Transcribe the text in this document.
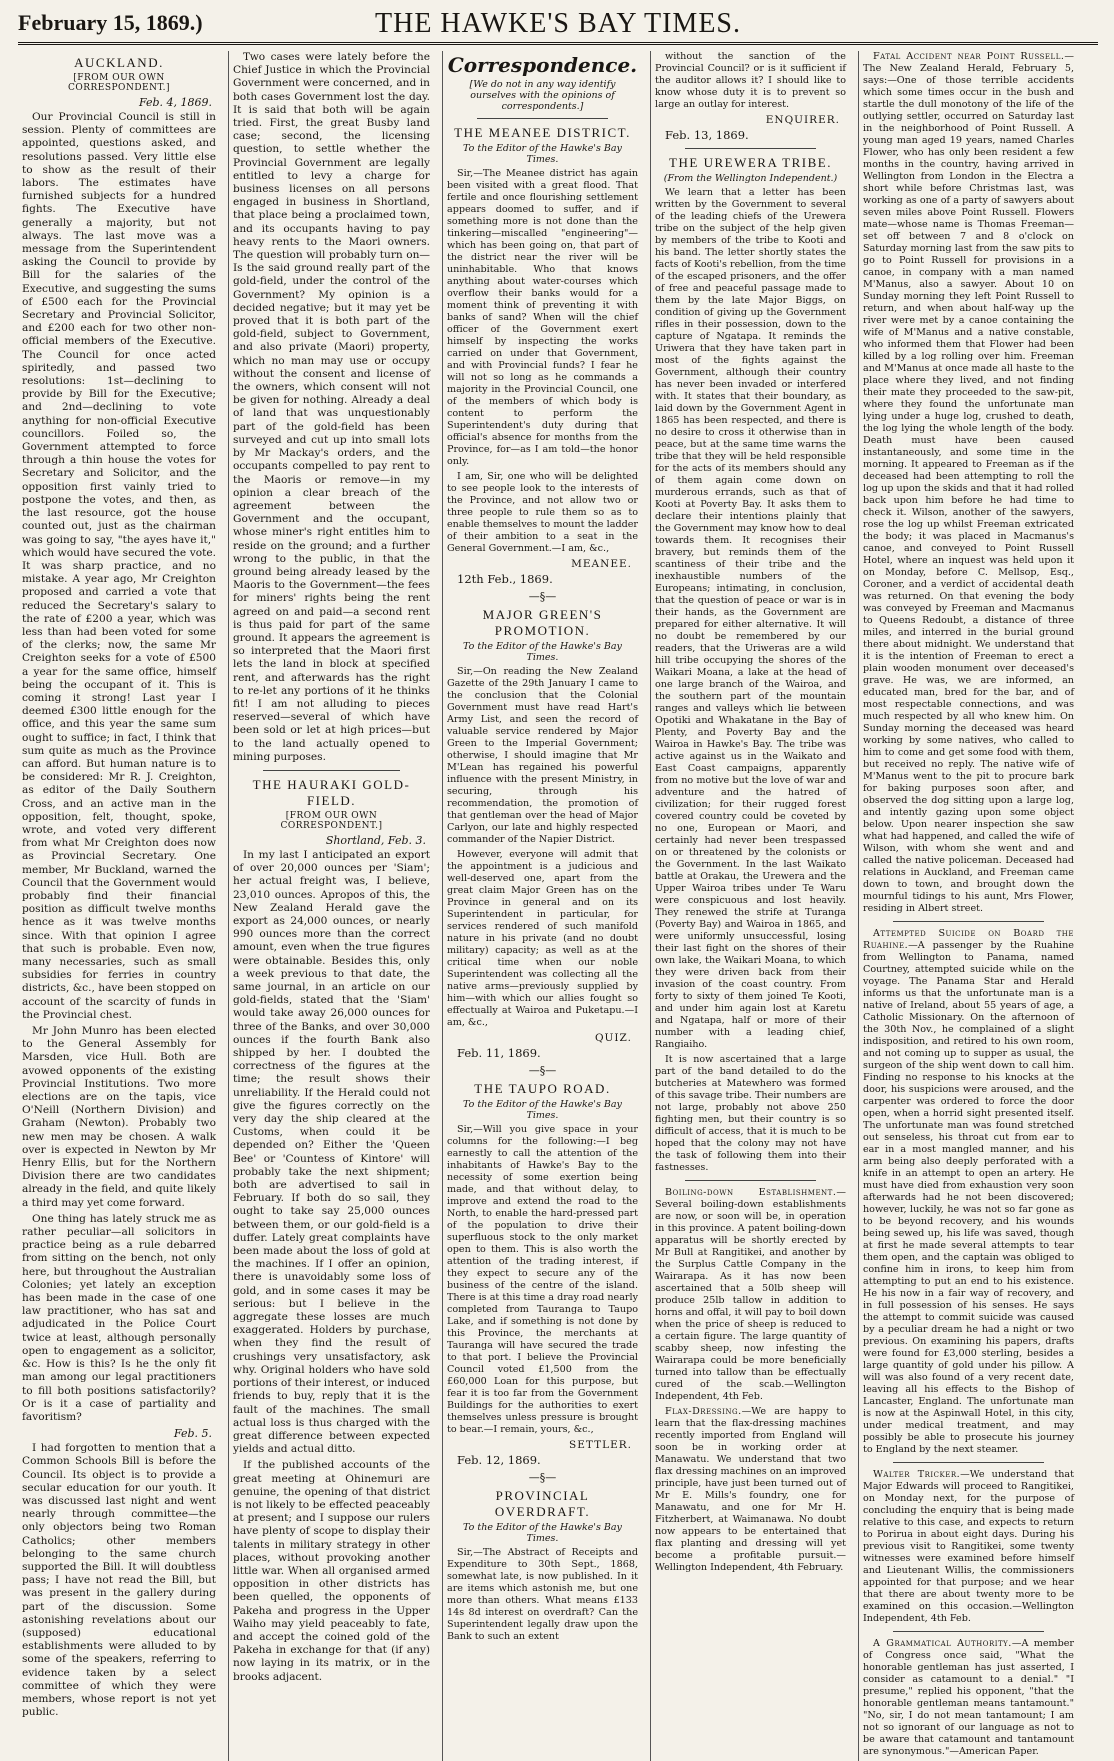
February 15, 1869.)	THE HAWKE'S BAY TIMES.
AUCKLAND.
[FROM OUR OWN CORRESPONDENT.]
Feb. 4, 1869.

Our Provincial Council is still in session. Plenty of committees are appointed, questions asked, and resolutions passed. Very little else to show as the result of their labors. The estimates have furnished subjects for a hundred fights. The Executive have generally a majority, but not always. The last move was a message from the Superintendent asking the Council to provide by Bill for the salaries of the Executive, and suggesting the sums of £500 each for the Provincial Secretary and Provincial Solicitor, and £200 each for two other non-official members of the Executive. The Council for once acted spiritedly, and passed two resolutions: 1st—declining to provide by Bill for the Executive; and 2nd—declining to vote anything for non-official Executive councillors. Foiled so, the Government attempted to force through a thin house the votes for Secretary and Solicitor, and the opposition first vainly tried to postpone the votes, and then, as the last resource, got the house counted out, just as the chairman was going to say, "the ayes have it," which would have secured the vote. It was sharp practice, and no mistake. A year ago, Mr Creighton proposed and carried a vote that reduced the Secretary's salary to the rate of £200 a year, which was less than had been voted for some of the clerks; now, the same Mr Creighton seeks for a vote of £500 a year for the same office, himself being the occupant of it. This is coming it strong! Last year I deemed £300 little enough for the office, and this year the same sum ought to suffice; in fact, I think that sum quite as much as the Province can afford. But human nature is to be considered: Mr R. J. Creighton, as editor of the Daily Southern Cross, and an active man in the opposition, felt, thought, spoke, wrote, and voted very different from what Mr Creighton does now as Provincial Secretary. One member, Mr Buckland, warned the Council that the Government would probably find their financial position as difficult twelve months hence as it was twelve months since. With that opinion I agree that such is probable. Even now, many necessaries, such as small subsidies for ferries in country districts, &c., have been stopped on account of the scarcity of funds in the Provincial chest.

Mr John Munro has been elected to the General Assembly for Marsden, vice Hull. Both are avowed opponents of the existing Provincial Institutions. Two more elections are on the tapis, vice O'Neill (Northern Division) and Graham (Newton). Probably two new men may be chosen. A walk over is expected in Newton by Mr Henry Ellis, but for the Northern Division there are two candidates already in the field, and quite likely a third may yet come forward.

One thing has lately struck me as rather peculiar—all solicitors in practice being as a rule debarred from sitting on the bench, not only here, but throughout the Australian Colonies; yet lately an exception has been made in the case of one law practitioner, who has sat and adjudicated in the Police Court twice at least, although personally open to engagement as a solicitor, &c. How is this? Is he the only fit man among our legal practitioners to fill both positions satisfactorily? Or is it a case of partiality and favoritism?

Feb. 5.

I had forgotten to mention that a Common Schools Bill is before the Council. Its object is to provide a secular education for our youth. It was discussed last night and went nearly through committee—the only objectors being two Roman Catholics; other members belonging to the same church supported the Bill. It will doubtless pass; I have not read the Bill, but was present in the gallery during part of the discussion. Some astonishing revelations about our (supposed) educational establishments were alluded to by some of the speakers, referring to evidence taken by a select committee of which they were members, whose report is not yet public.

Two cases were lately before the Chief Justice in which the Provincial Government were concerned, and in both cases Government lost the day. It is said that both will be again tried. First, the great Busby land case; second, the licensing question, to settle whether the Provincial Government are legally entitled to levy a charge for business licenses on all persons engaged in business in Shortland, that place being a proclaimed town, and its occupants having to pay heavy rents to the Maori owners. The question will probably turn on—Is the said ground really part of the gold-field, under the control of the Government? My opinion is a decided negative; but it may yet be proved that it is both part of the gold-field, subject to Government, and also private (Maori) property, which no man may use or occupy without the consent and license of the owners, which consent will not be given for nothing. Already a deal of land that was unquestionably part of the gold-field has been surveyed and cut up into small lots by Mr Mackay's orders, and the occupants compelled to pay rent to the Maoris or remove—in my opinion a clear breach of the agreement between the Government and the occupant, whose miner's right entitles him to reside on the ground; and a further wrong to the public, in that the ground being already leased by the Maoris to the Government—the fees for miners' rights being the rent agreed on and paid—a second rent is thus paid for part of the same ground. It appears the agreement is so interpreted that the Maori first lets the land in block at specified rent, and afterwards has the right to re-let any portions of it he thinks fit! I am not alluding to pieces reserved—several of which have been sold or let at high prices—but to the land actually opened to mining purposes.

THE HAURAKI GOLD-FIELD.
[FROM OUR OWN CORRESPONDENT.]
Shortland, Feb. 3.

In my last I anticipated an export of over 20,000 ounces per 'Siam'; her actual freight was, I believe, 23,010 ounces. Apropos of this, the New Zealand Herald gave the export as 24,000 ounces, or nearly 990 ounces more than the correct amount, even when the true figures were obtainable. Besides this, only a week previous to that date, the same journal, in an article on our gold-fields, stated that the 'Siam' would take away 26,000 ounces for three of the Banks, and over 30,000 ounces if the fourth Bank also shipped by her. I doubted the correctness of the figures at the time; the result shows their unreliability. If the Herald could not give the figures correctly on the very day the ship cleared at the Customs, when could it be depended on? Either the 'Queen Bee' or 'Countess of Kintore' will probably take the next shipment; both are advertised to sail in February. If both do so sail, they ought to take say 25,000 ounces between them, or our gold-field is a duffer. Lately great complaints have been made about the loss of gold at the machines. If I offer an opinion, there is unavoidably some loss of gold, and in some cases it may be serious: but I believe in the aggregate these losses are much exaggerated. Holders by purchase, when they find the result of crushings very unsatisfactory, ask why. Original holders who have sold portions of their interest, or induced friends to buy, reply that it is the fault of the machines. The small actual loss is thus charged with the great difference between expected yields and actual ditto.

If the published accounts of the great meeting at Ohinemuri are genuine, the opening of that district is not likely to be effected peaceably at present; and I suppose our rulers have plenty of scope to display their talents in military strategy in other places, without provoking another little war. When all organised armed opposition in other districts has been quelled, the opponents of Pakeha and progress in the Upper Waiho may yield peaceably to fate, and accept the coined gold of the Pakeha in exchange for that (if any) now laying in its matrix, or in the brooks adjacent.

Correspondence.
[We do not in any way identify ourselves with the opinions of correspondents.]
THE MEANEE DISTRICT.
To the Editor of the Hawke's Bay Times.

Sir,—The Meanee district has again been visited with a great flood. That fertile and once flourishing settlement appears doomed to suffer, and if something more is not done than the tinkering—miscalled "engineering"—which has been going on, that part of the district near the river will be uninhabitable. Who that knows anything about water-courses which overflow their banks would for a moment think of preventing it with banks of sand? When will the chief officer of the Government exert himself by inspecting the works carried on under that Government, and with Provincial funds? I fear he will not so long as he commands a majority in the Provincial Council, one of the members of which body is content to perform the Superintendent's duty during that official's absence for months from the Province, for—as I am told—the honor only.

I am, Sir, one who will be delighted to see people look to the interests of the Province, and not allow two or three people to rule them so as to enable themselves to mount the ladder of their ambition to a seat in the General Government.—I am, &c.,

MEANEE.
12th Feb., 1869.
—§—
MAJOR GREEN'S PROMOTION.
To the Editor of the Hawke's Bay Times.

Sir,—On reading the New Zealand Gazette of the 29th January I came to the conclusion that the Colonial Government must have read Hart's Army List, and seen the record of valuable service rendered by Major Green to the Imperial Government; otherwise, I should imagine that Mr M'Lean has regained his powerful influence with the present Ministry, in securing, through his recommendation, the promotion of that gentleman over the head of Major Carlyon, our late and highly respected commander of the Napier District.

However, everyone will admit that the appointment is a judicious and well-deserved one, apart from the great claim Major Green has on the Province in general and on its Superintendent in particular, for services rendered of such manifold nature in his private (and no doubt military) capacity; as well as at the critical time when our noble Superintendent was collecting all the native arms—previously supplied by him—with which our allies fought so effectually at Wairoa and Puketapu.—I am, &c.,

QUIZ.
Feb. 11, 1869.
—§—
THE TAUPO ROAD.
To the Editor of the Hawke's Bay Times.

Sir,—Will you give space in your columns for the following:—I beg earnestly to call the attention of the inhabitants of Hawke's Bay to the necessity of some exertion being made, and that without delay, to improve and extend the road to the North, to enable the hard-pressed part of the population to drive their superfluous stock to the only market open to them. This is also worth the attention of the trading interest, if they expect to secure any of the business of the centre of the island. There is at this time a dray road nearly completed from Tauranga to Taupo Lake, and if something is not done by this Province, the merchants at Tauranga will have secured the trade to that port. I believe the Provincial Council voted £1,500 from the £60,000 Loan for this purpose, but fear it is too far from the Government Buildings for the authorities to exert themselves unless pressure is brought to bear.—I remain, yours, &c.,

SETTLER.
Feb. 12, 1869.
—§—
PROVINCIAL OVERDRAFT.
To the Editor of the Hawke's Bay Times.

Sir,—The Abstract of Receipts and Expenditure to 30th Sept., 1868, somewhat late, is now published. In it are items which astonish me, but one more than others. What means £133 14s 8d interest on overdraft? Can the Superintendent legally draw upon the Bank to such an extent

without the sanction of the Provincial Council? or is it sufficient if the auditor allows it? I should like to know whose duty it is to prevent so large an outlay for interest.

ENQUIRER.
Feb. 13, 1869.
THE UREWERA TRIBE.
(From the Wellington Independent.)

We learn that a letter has been written by the Government to several of the leading chiefs of the Urewera tribe on the subject of the help given by members of the tribe to Kooti and his band. The letter shortly states the facts of Kooti's rebellion, from the time of the escaped prisoners, and the offer of free and peaceful passage made to them by the late Major Biggs, on condition of giving up the Government rifles in their possession, down to the capture of Ngatapa. It reminds the Uriwera that they have taken part in most of the fights against the Government, although their country has never been invaded or interfered with. It states that their boundary, as laid down by the Government Agent in 1865 has been respected, and there is no desire to cross it otherwise than in peace, but at the same time warns the tribe that they will be held responsible for the acts of its members should any of them again come down on murderous errands, such as that of Kooti at Poverty Bay. It asks them to declare their intentions plainly that the Government may know how to deal towards them. It recognises their bravery, but reminds them of the scantiness of their tribe and the inexhaustible numbers of the Europeans; intimating, in conclusion, that the question of peace or war is in their hands, as the Government are prepared for either alternative. It will no doubt be remembered by our readers, that the Uriweras are a wild hill tribe occupying the shores of the Waikari Moana, a lake at the head of one large branch of the Wairoa, and the southern part of the mountain ranges and valleys which lie between Opotiki and Whakatane in the Bay of Plenty, and Poverty Bay and the Wairoa in Hawke's Bay. The tribe was active against us in the Waikato and East Coast campaigns, apparently from no motive but the love of war and adventure and the hatred of civilization; for their rugged forest covered country could be coveted by no one, European or Maori, and certainly had never been trespassed on or threatened by the colonists or the Government. In the last Waikato battle at Orakau, the Urewera and the Upper Wairoa tribes under Te Waru were conspicuous and lost heavily. They renewed the strife at Turanga (Poverty Bay) and Wairoa in 1865, and were uniformly unsuccessful, losing their last fight on the shores of their own lake, the Waikari Moana, to which they were driven back from their invasion of the coast country. From forty to sixty of them joined Te Kooti, and under him again lost at Karetu and Ngatapa, half or more of their number with a leading chief, Rangiaiho.

It is now ascertained that a large part of the band detailed to do the butcheries at Matewhero was formed of this savage tribe. Their numbers are not large, probably not above 250 fighting men, but their country is so difficult of access, that it is much to be hoped that the colony may not have the task of following them into their fastnesses.

Boiling-down Establishment.—Several boiling-down establishments are now, or soon will be, in operation in this province. A patent boiling-down apparatus will be shortly erected by Mr Bull at Rangitikei, and another by the Surplus Cattle Company in the Wairarapa. As it has now been ascertained that a 50lb sheep will produce 25lb tallow in addition to horns and offal, it will pay to boil down when the price of sheep is reduced to a certain figure. The large quantity of scabby sheep, now infesting the Wairarapa could be more beneficially turned into tallow than be effectually cured of the scab.—Wellington Independent, 4th Feb.

Flax-Dressing.—We are happy to learn that the flax-dressing machines recently imported from England will soon be in working order at Manawatu. We understand that two flax dressing machines on an improved principle, have just been turned out of Mr E. Mills's foundry, one for Manawatu, and one for Mr H. Fitzherbert, at Waimanawa. No doubt now appears to be entertained that flax planting and dressing will yet become a profitable pursuit.—Wellington Independent, 4th February.

Fatal Accident near Point Russell.—The New Zealand Herald, February 5, says:—One of those terrible accidents which some times occur in the bush and startle the dull monotony of the life of the outlying settler, occurred on Saturday last in the neighborhood of Point Russell. A young man aged 19 years, named Charles Flower, who has only been resident a few months in the country, having arrived in Wellington from London in the Electra a short while before Christmas last, was working as one of a party of sawyers about seven miles above Point Russell. Flowers mate—whose name is Thomas Freeman—set off between 7 and 8 o'clock on Saturday morning last from the saw pits to go to Point Russell for provisions in a canoe, in company with a man named M'Manus, also a sawyer. About 10 on Sunday morning they left Point Russell to return, and when about half-way up the river were met by a canoe containing the wife of M'Manus and a native constable, who informed them that Flower had been killed by a log rolling over him. Freeman and M'Manus at once made all haste to the place where they lived, and not finding their mate they proceeded to the saw-pit, where they found the unfortunate man lying under a huge log, crushed to death, the log lying the whole length of the body. Death must have been caused instantaneously, and some time in the morning. It appeared to Freeman as if the deceased had been attempting to roll the log up upon the skids and that it had rolled back upon him before he had time to check it. Wilson, another of the sawyers, rose the log up whilst Freeman extricated the body; it was placed in Macmanus's canoe, and conveyed to Point Russell Hotel, where an inquest was held upon it on Monday, before C. Mellsop, Esq., Coroner, and a verdict of accidental death was returned. On that evening the body was conveyed by Freeman and Macmanus to Queens Redoubt, a distance of three miles, and interred in the burial ground there about midnight. We understand that it is the intention of Freeman to erect a plain wooden monument over deceased's grave. He was, we are informed, an educated man, bred for the bar, and of most respectable connections, and was much respected by all who knew him. On Sunday morning the deceased was heard working by some natives, who called to him to come and get some food with them, but received no reply. The native wife of M'Manus went to the pit to procure bark for baking purposes soon after, and observed the dog sitting upon a large log, and intently gazing upon some object below. Upon nearer inspection she saw what had happened, and called the wife of Wilson, with whom she went and and called the native policeman. Deceased had relations in Auckland, and Freeman came down to town, and brought down the mournful tidings to his aunt, Mrs Flower, residing in Albert street.

Attempted Suicide on Board the Ruahine.—A passenger by the Ruahine from Wellington to Panama, named Courtney, attempted suicide while on the voyage. The Panama Star and Herald informs us that the unfortunate man is a native of Ireland, about 55 years of age, a Catholic Missionary. On the afternoon of the 30th Nov., he complained of a slight indisposition, and retired to his own room, and not coming up to supper as usual, the surgeon of the ship went down to call him. Finding no response to his knocks at the door, his suspicions were aroused, and the carpenter was ordered to force the door open, when a horrid sight presented itself. The unfortunate man was found stretched out senseless, his throat cut from ear to ear in a most mangled manner, and his arm being also deeply perforated with a knife in an attempt to open an artery. He must have died from exhaustion very soon afterwards had he not been discovered; however, luckily, he was not so far gone as to be beyond recovery, and his wounds being sewed up, his life was saved, though at first he made several attempts to tear them open, and the captain was obliged to confine him in irons, to keep him from attempting to put an end to his existence. He his now in a fair way of recovery, and in full possession of his senses. He says the attempt to commit suicide was caused by a peculiar dream he had a night or two previous. On examining his papers, drafts were found for £3,000 sterling, besides a large quantity of gold under his pillow. A will was also found of a very recent date, leaving all his effects to the Bishop of Lancaster, England. The unfortunate man is now at the Aspinwall Hotel, in this city, under medical treatment, and may possibly be able to prosecute his journey to England by the next steamer.

Walter Tricker.—We understand that Major Edwards will proceed to Rangitikei, on Monday next, for the purpose of concluding the enquiry that is being made relative to this case, and expects to return to Porirua in about eight days. During his previous visit to Rangitikei, some twenty witnesses were examined before himself and Lieutenant Willis, the commissioners appointed for that purpose; and we hear that there are about twenty more to be examined on this occasion.—Wellington Independent, 4th Feb.

A Grammatical Authority.—A member of Congress once said, "What the honorable gentleman has just asserted, I consider as catamount to a denial." "I presume," replied his opponent, "that the honorable gentleman means tantamount." "No, sir, I do not mean tantamount; I am not so ignorant of our language as not to be aware that catamount and tantamount are synonymous."—American Paper.
